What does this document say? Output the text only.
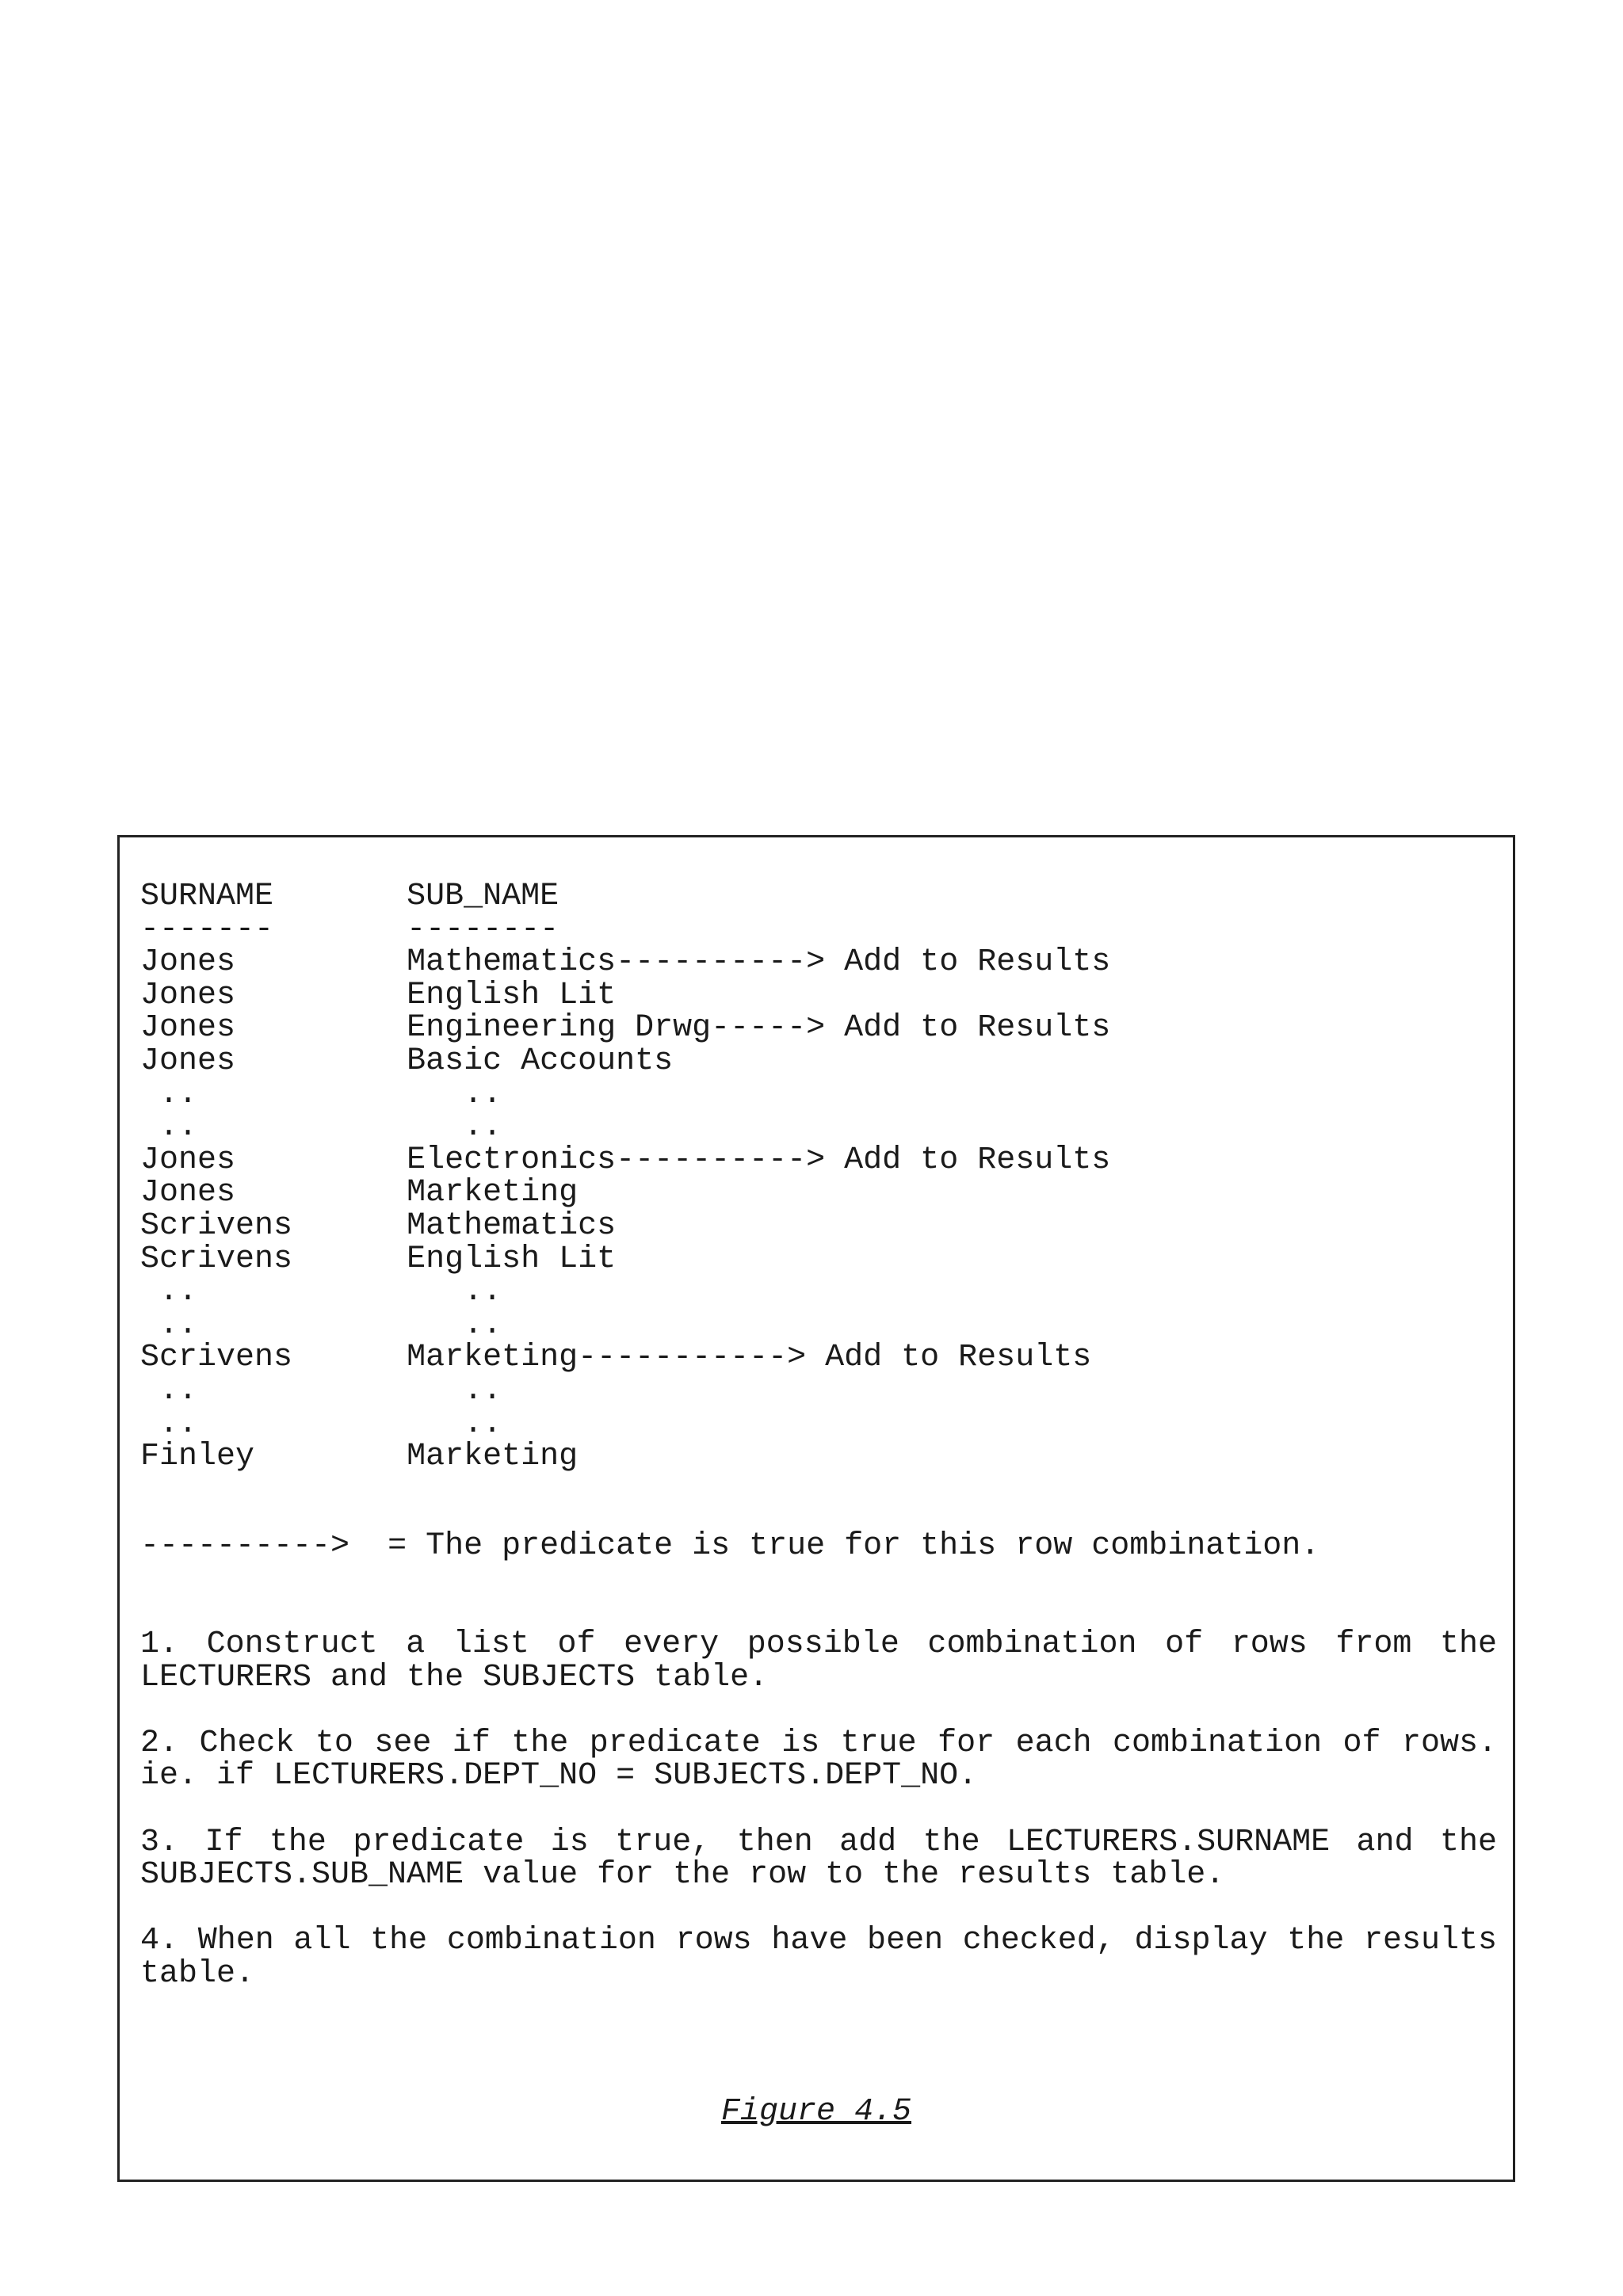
SURNAME	SUB_NAME
-------	--------
Jones	Mathematics----------> Add to Results
Jones	English Lit
Jones	Engineering Drwg-----> Add to Results
Jones	Basic Accounts
..	..
..	..
Jones	Electronics----------> Add to Results
Jones	Marketing
Scrivens	Mathematics
Scrivens	English Lit
..	..
..	..
Scrivens	Marketing-----------> Add to Results
..	..
..	..
Finley	Marketing
----------> = The predicate is true for this row combination.

1. Construct a list of every possible combination of rows from the LECTURERS and the SUBJECTS table.

2. Check to see if the predicate is true for each combination of rows. ie. if LECTURERS.DEPT_NO = SUBJECTS.DEPT_NO.

3. If the predicate is true, then add the LECTURERS.SURNAME and the SUBJECTS.SUB_NAME value for the row to the results table.

4. When all the combination rows have been checked, display the results table.

Figure 4.5
